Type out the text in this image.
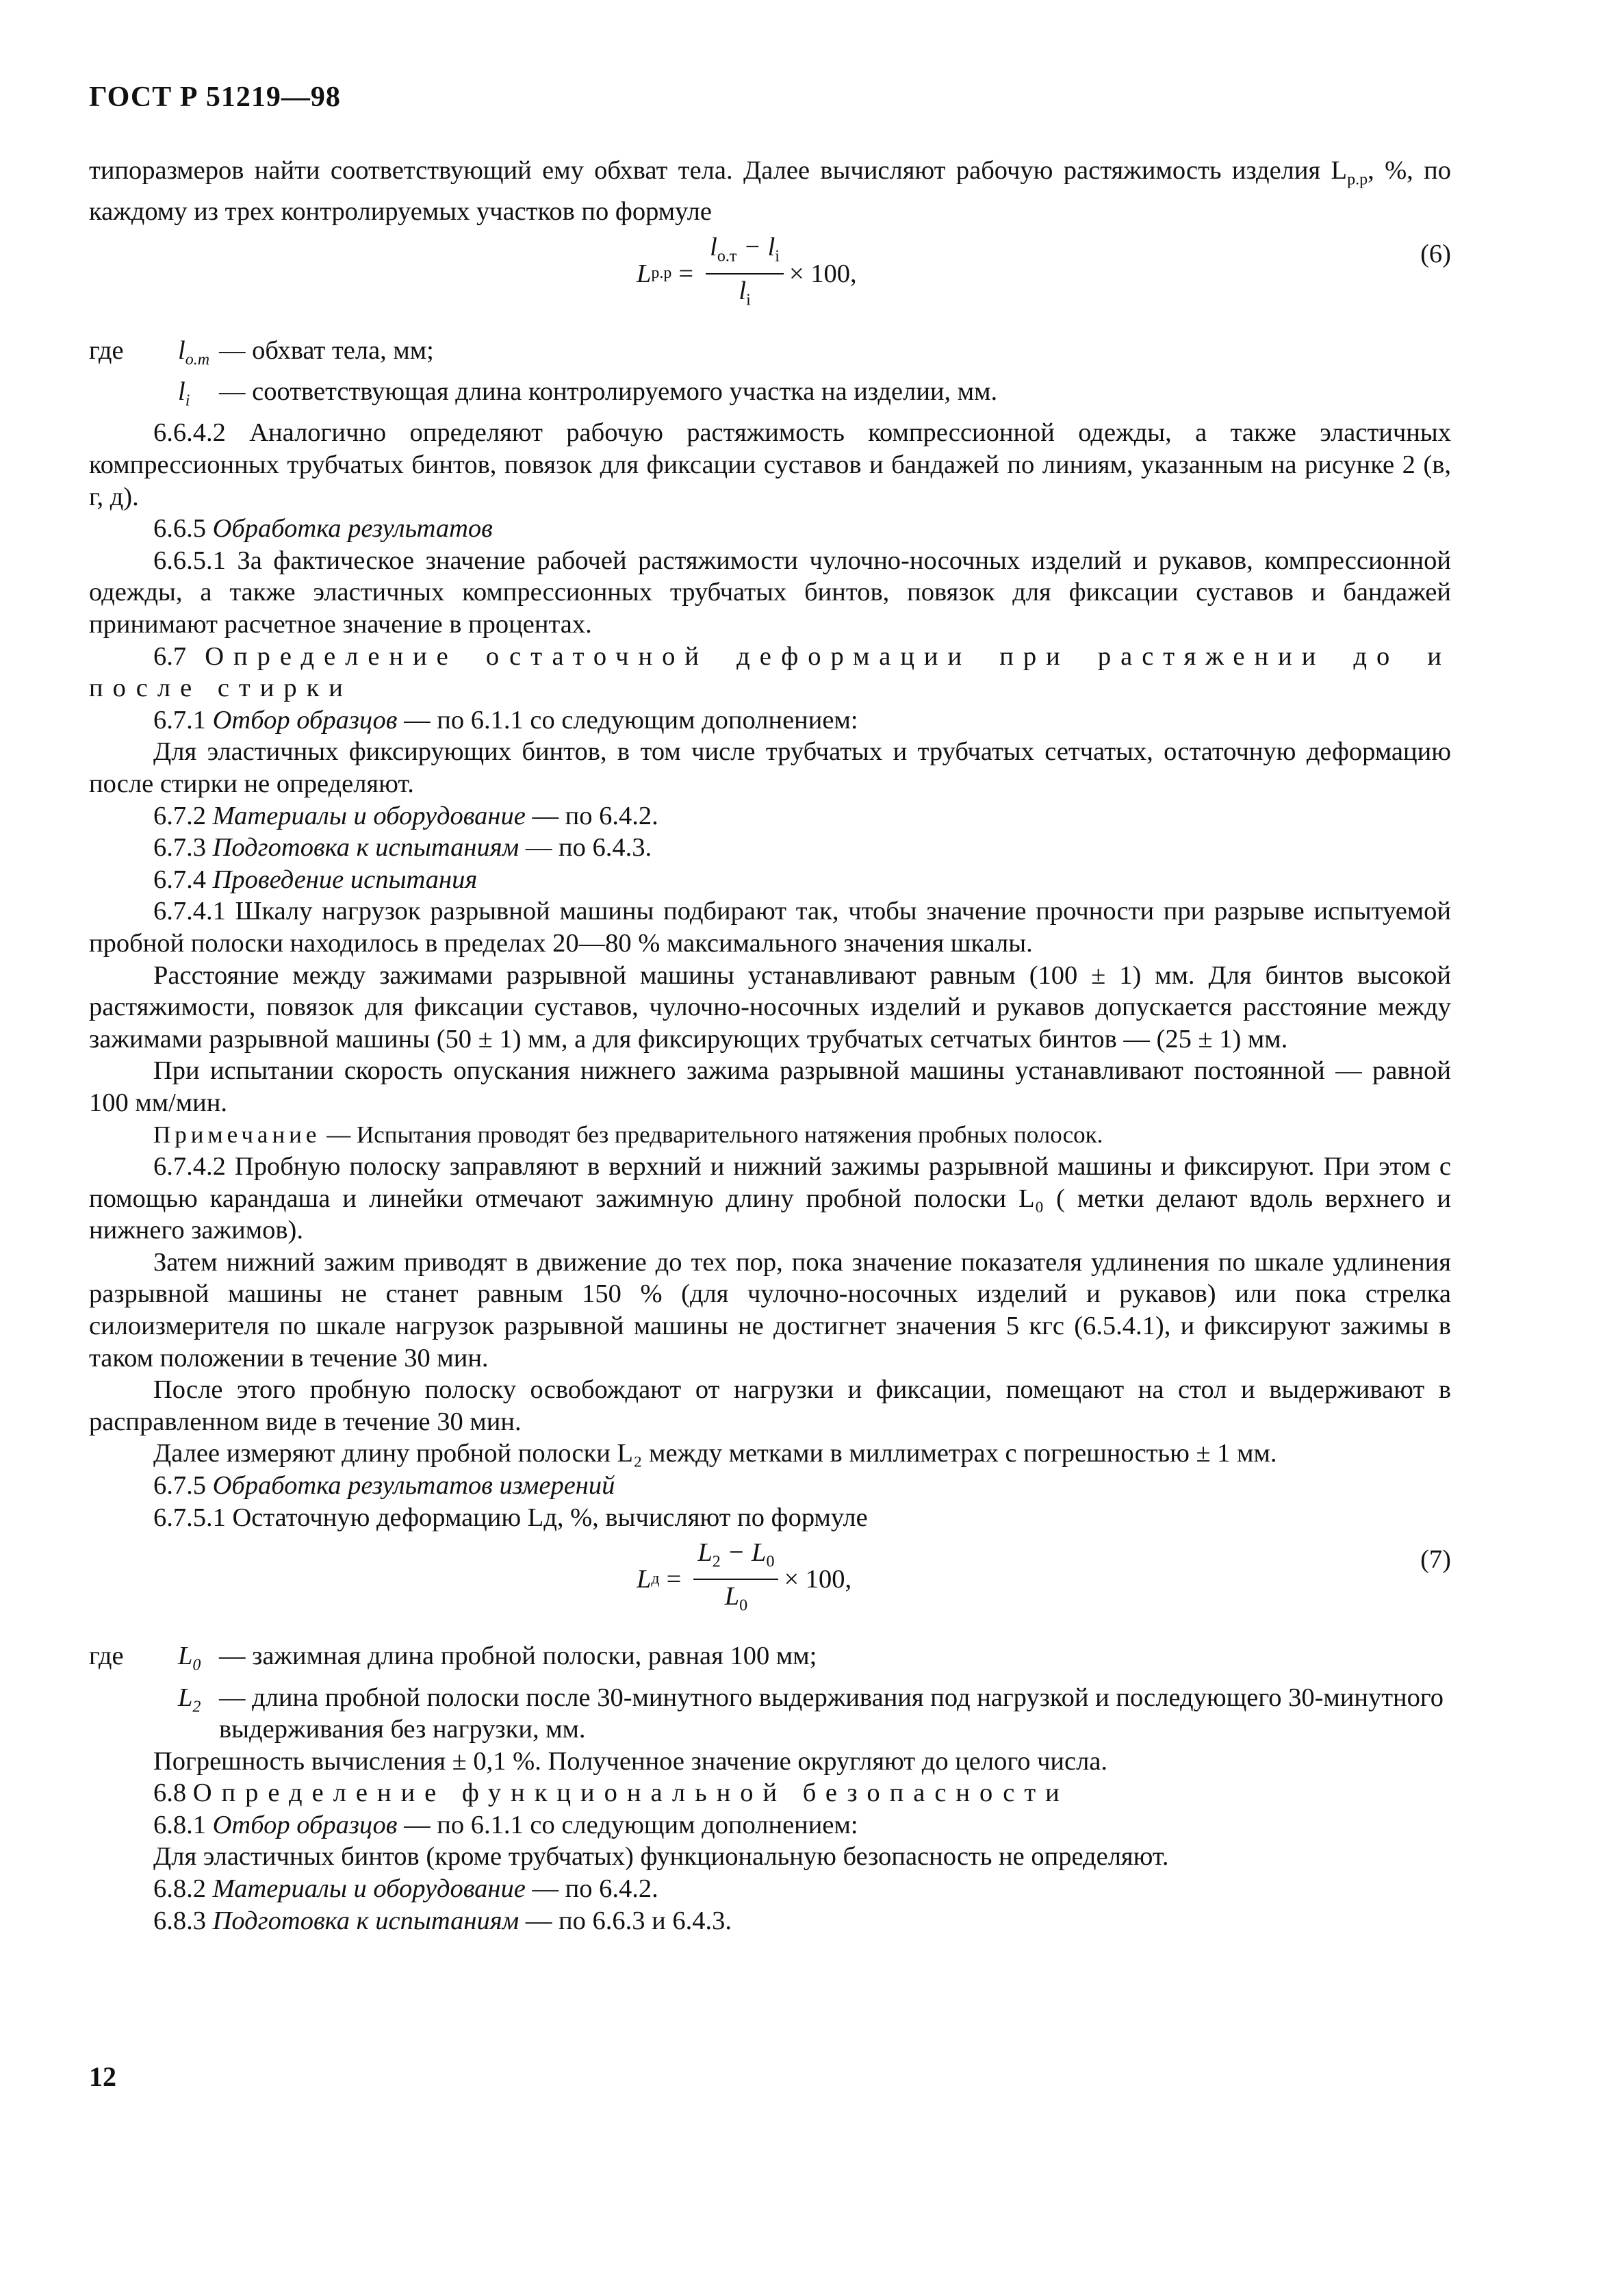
ГОСТ Р 51219—98

типоразмеров найти соответствующий ему обхват тела. Далее вычисляют рабочую растяжимость изделия $L_{р.р}$, %, по каждому из трех контролируемых участков по формуле

L $р.р = \frac{l_{о.т} - l_i}{l_i} \times 100$,
(6)
где	$l_{о.т}$ — обхват тела, мм;
$l_i$	— соответствующая длина контролируемого участка на изделии, мм.

6.6.4.2 Аналогично определяют рабочую растяжимость компрессионной одежды, а также эластичных компрессионных трубчатых бинтов, повязок для фиксации суставов и бандажей по линиям, указанным на рисунке 2 (в, г, д).

6.6.5 Обработка результатов

6.6.5.1 За фактическое значение рабочей растяжимости чулочно-носочных изделий и рукавов, компрессионной одежды, а также эластичных компрессионных трубчатых бинтов, повязок для фиксации суставов и бандажей принимают расчетное значение в процентах.

6.7 Определение остаточной деформации при растяжении до и после стирки

6.7.1 Отбор образцов — по 6.1.1 со следующим дополнением:

Для эластичных фиксирующих бинтов, в том числе трубчатых и трубчатых сетчатых, остаточную деформацию после стирки не определяют.

6.7.2 Материалы и оборудование — по 6.4.2.

6.7.3 Подготовка к испытаниям — по 6.4.3.

6.7.4 Проведение испытания

6.7.4.1 Шкалу нагрузок разрывной машины подбирают так, чтобы значение прочности при разрыве испытуемой пробной полоски находилось в пределах 20—80 % максимального значения шкалы.

Расстояние между зажимами разрывной машины устанавливают равным (100 ± 1) мм. Для бинтов высокой растяжимости, повязок для фиксации суставов, чулочно-носочных изделий и рукавов допускается расстояние между зажимами разрывной машины (50 ± 1) мм, а для фиксирующих трубчатых сетчатых бинтов — (25 ± 1) мм.

При испытании скорость опускания нижнего зажима разрывной машины устанавливают постоянной — равной 100 мм/мин.

Примечание — Испытания проводят без предварительного натяжения пробных полосок.

6.7.4.2 Пробную полоску заправляют в верхний и нижний зажимы разрывной машины и фиксируют. При этом с помощью карандаша и линейки отмечают зажимную длину пробной полоски L₀ ( метки делают вдоль верхнего и нижнего зажимов).

Затем нижний зажим приводят в движение до тех пор, пока значение показателя удлинения по шкале удлинения разрывной машины не станет равным 150 % (для чулочно-носочных изделий и рукавов) или пока стрелка силоизмерителя по шкале нагрузок разрывной машины не достигнет значения 5 кгс (6.5.4.1), и фиксируют зажимы в таком положении в течение 30 мин.

После этого пробную полоску освобождают от нагрузки и фиксации, помещают на стол и выдерживают в расправленном виде в течение 30 мин.

Далее измеряют длину пробной полоски L₂ между метками в миллиметрах с погрешностью ± 1 мм.

6.7.5 Обработка результатов измерений

6.7.5.1 Остаточную деформацию Lд, %, вычисляют по формуле

L $д = \frac{L_2 - L_0}{L_0} \times 100$,
(7)
где	$L_0$ — зажимная длина пробной полоски, равная 100 мм;
$L_2$ — длина пробной полоски после 30-минутного выдерживания под нагрузкой и последующего 30-минутного выдерживания без нагрузки, мм.

Погрешность вычисления ± 0,1 %. Полученное значение округляют до целого числа.

6.8 Определение функциональной безопасности

6.8.1 Отбор образцов — по 6.1.1 со следующим дополнением:

Для эластичных бинтов (кроме трубчатых) функциональную безопасность не определяют.

6.8.2 Материалы и оборудование — по 6.4.2.

6.8.3 Подготовка к испытаниям — по 6.6.3 и 6.4.3.

12
